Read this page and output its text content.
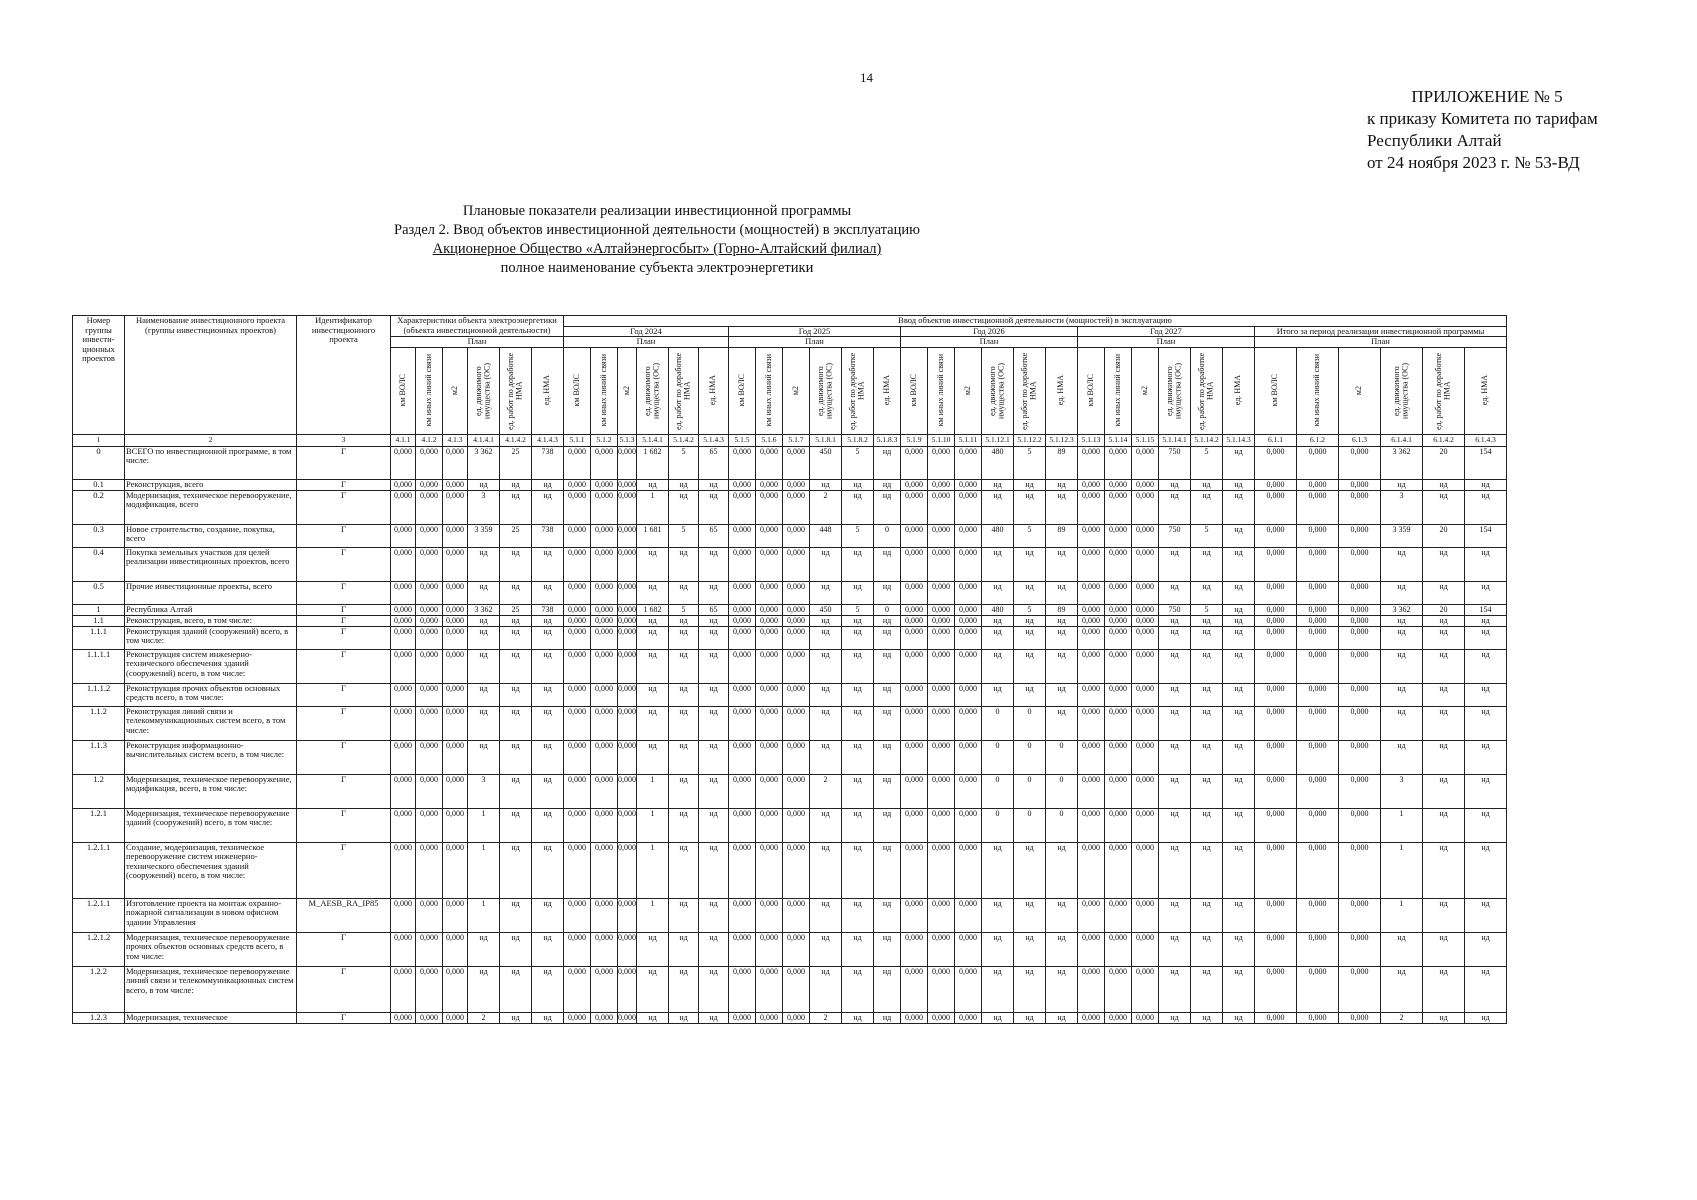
14
ПРИЛОЖЕНИЕ № 5
к приказу Комитета по тарифам
Республики Алтай
от 24 ноября 2023 г. № 53-ВД
Плановые показатели реализации инвестиционной программы
Раздел 2. Ввод объектов инвестиционной деятельности (мощностей) в эксплуатацию
Акционерное Общество «Алтайэнергосбыт» (Горно-Алтайский филиал)
полное наименование субъекта электроэнергетики
Номер группы инвести-ционных проектов	Наименование инвестиционного проекта (группы инвестиционных проектов)	Идентификатор инвестиционного проекта	Характеристики объекта электроэнергетики (объекта инвестиционной деятельности)						Ввод объектов инвестиционной деятельности (мощностей) в эксплуатацию																													
									Год 2024						Год 2025						Год 2026						Год 2027						Итого за период реализации инвестиционной программы					
			План						План						План						План						План						План					

			км ВОЛС	км иных линий связи	м2	ед. движимого имущества (ОС)	ед. работ по доработке НМА	ед. НМА	км ВОЛС	км иных линий связи	м2	ед. движимого имущества (ОС)	ед. работ по доработке НМА	ед. НМА	км ВОЛС	км иных линий связи	м2	ед. движимого имущества (ОС)	ед. работ по доработке НМА	ед. НМА	км ВОЛС	км иных линий связи	м2	ед. движимого имущества (ОС)	ед. работ по доработке НМА	ед. НМА	км ВОЛС	км иных линий связи	м2	ед. движимого имущества (ОС)	ед. работ по доработке НМА	ед. НМА	км ВОЛС	км иных линий связи	м2	ед. движимого имущества (ОС)	ед. работ по доработке НМА	ед. НМА

1	2	3	4.1.1	4.1.2	4.1.3	4.1.4.1	4.1.4.2	4.1.4.3	5.1.1	5.1.2	5.1.3	5.1.4.1	5.1.4.2	5.1.4.3	5.1.5	5.1.6	5.1.7	5.1.8.1	5.1.8.2	5.1.8.3	5.1.9	5.1.10	5.1.11	5.1.12.1	5.1.12.2	5.1.12.3	5.1.13	5.1.14	5.1.15	5.1.14.1	5.1.14.2	5.1.14.3	6.1.1	6.1.2	6.1.3	6.1.4.1	6.1.4.2	6.1.4.3
0	ВСЕГО по инвестиционной программе, в том числе:	Г	0,000	0,000	0,000	3 362	25	738	0,000	0,000	0,000	1 682	5	65	0,000	0,000	0,000	450	5	нд	0,000	0,000	0,000	480	5	89	0,000	0,000	0,000	750	5	нд	0,000	0,000	0,000	3 362	20	154
0.1	Реконструкция, всего	Г	0,000	0,000	0,000	нд	нд	нд	0,000	0,000	0,000	нд	нд	нд	0,000	0,000	0,000	нд	нд	нд	0,000	0,000	0,000	нд	нд	нд	0,000	0,000	0,000	нд	нд	нд	0,000	0,000	0,000	нд	нд	нд
0.2	Модернизация, техническое перевооружение, модификация, всего	Г	0,000	0,000	0,000	3	нд	нд	0,000	0,000	0,000	1	нд	нд	0,000	0,000	0,000	2	нд	нд	0,000	0,000	0,000	нд	нд	нд	0,000	0,000	0,000	нд	нд	нд	0,000	0,000	0,000	3	нд	нд
0.3	Новое строительство, создание, покупка, всего	Г	0,000	0,000	0,000	3 359	25	738	0,000	0,000	0,000	1 681	5	65	0,000	0,000	0,000	448	5	0	0,000	0,000	0,000	480	5	89	0,000	0,000	0,000	750	5	нд	0,000	0,000	0,000	3 359	20	154
0.4	Покупка земельных участков для целей реализации инвестиционных проектов, всего	Г	0,000	0,000	0,000	нд	нд	нд	0,000	0,000	0,000	нд	нд	нд	0,000	0,000	0,000	нд	нд	нд	0,000	0,000	0,000	нд	нд	нд	0,000	0,000	0,000	нд	нд	нд	0,000	0,000	0,000	нд	нд	нд
0.5	Прочие инвестиционные проекты, всего	Г	0,000	0,000	0,000	нд	нд	нд	0,000	0,000	0,000	нд	нд	нд	0,000	0,000	0,000	нд	нд	нд	0,000	0,000	0,000	нд	нд	нд	0,000	0,000	0,000	нд	нд	нд	0,000	0,000	0,000	нд	нд	нд
1	Республика Алтай	Г	0,000	0,000	0,000	3 362	25	738	0,000	0,000	0,000	1 682	5	65	0,000	0,000	0,000	450	5	0	0,000	0,000	0,000	480	5	89	0,000	0,000	0,000	750	5	нд	0,000	0,000	0,000	3 362	20	154
1.1	Реконструкция, всего, в том числе:	Г	0,000	0,000	0,000	нд	нд	нд	0,000	0,000	0,000	нд	нд	нд	0,000	0,000	0,000	нд	нд	нд	0,000	0,000	0,000	нд	нд	нд	0,000	0,000	0,000	нд	нд	нд	0,000	0,000	0,000	нд	нд	нд
1.1.1	Реконструкция зданий (сооружений) всего, в том числе:	Г	0,000	0,000	0,000	нд	нд	нд	0,000	0,000	0,000	нд	нд	нд	0,000	0,000	0,000	нд	нд	нд	0,000	0,000	0,000	нд	нд	нд	0,000	0,000	0,000	нд	нд	нд	0,000	0,000	0,000	нд	нд	нд
1.1.1.1	Реконструкция систем инженерно-технического обеспечения зданий (сооружений) всего, в том числе:	Г	0,000	0,000	0,000	нд	нд	нд	0,000	0,000	0,000	нд	нд	нд	0,000	0,000	0,000	нд	нд	нд	0,000	0,000	0,000	нд	нд	нд	0,000	0,000	0,000	нд	нд	нд	0,000	0,000	0,000	нд	нд	нд
1.1.1.2	Реконструкция прочих объектов основных средств всего, в том числе:	Г	0,000	0,000	0,000	нд	нд	нд	0,000	0,000	0,000	нд	нд	нд	0,000	0,000	0,000	нд	нд	нд	0,000	0,000	0,000	нд	нд	нд	0,000	0,000	0,000	нд	нд	нд	0,000	0,000	0,000	нд	нд	нд
1.1.2	Реконструкция линий связи и телекоммуникационных систем всего, в том числе:	Г	0,000	0,000	0,000	нд	нд	нд	0,000	0,000	0,000	нд	нд	нд	0,000	0,000	0,000	нд	нд	нд	0,000	0,000	0,000	0	0	нд	0,000	0,000	0,000	нд	нд	нд	0,000	0,000	0,000	нд	нд	нд
1.1.3	Реконструкция информационно-вычислительных систем всего, в том числе:	Г	0,000	0,000	0,000	нд	нд	нд	0,000	0,000	0,000	нд	нд	нд	0,000	0,000	0,000	нд	нд	нд	0,000	0,000	0,000	0	0	0	0,000	0,000	0,000	нд	нд	нд	0,000	0,000	0,000	нд	нд	нд
1.2	Модернизация, техническое перевооружение, модификация, всего, в том числе:	Г	0,000	0,000	0,000	3	нд	нд	0,000	0,000	0,000	1	нд	нд	0,000	0,000	0,000	2	нд	нд	0,000	0,000	0,000	0	0	0	0,000	0,000	0,000	нд	нд	нд	0,000	0,000	0,000	3	нд	нд
1.2.1	Модернизация, техническое перевооружение зданий (сооружений) всего, в том числе:	Г	0,000	0,000	0,000	1	нд	нд	0,000	0,000	0,000	1	нд	нд	0,000	0,000	0,000	нд	нд	нд	0,000	0,000	0,000	0	0	0	0,000	0,000	0,000	нд	нд	нд	0,000	0,000	0,000	1	нд	нд
1.2.1.1	Создание, модернизация, техническое перевооружение систем инженерно-технического обеспечения зданий (сооружений) всего, в том числе:	Г	0,000	0,000	0,000	1	нд	нд	0,000	0,000	0,000	1	нд	нд	0,000	0,000	0,000	нд	нд	нд	0,000	0,000	0,000	нд	нд	нд	0,000	0,000	0,000	нд	нд	нд	0,000	0,000	0,000	1	нд	нд
1.2.1.1	Изготовление проекта на монтаж охранно-пожарной сигнализации в новом офисном здании Управления	M_AESB_RA_IP85	0,000	0,000	0,000	1	нд	нд	0,000	0,000	0,000	1	нд	нд	0,000	0,000	0,000	нд	нд	нд	0,000	0,000	0,000	нд	нд	нд	0,000	0,000	0,000	нд	нд	нд	0,000	0,000	0,000	1	нд	нд
1.2.1.2	Модернизация, техническое перевооружение прочих объектов основных средств всего, в том числе:	Г	0,000	0,000	0,000	нд	нд	нд	0,000	0,000	0,000	нд	нд	нд	0,000	0,000	0,000	нд	нд	нд	0,000	0,000	0,000	нд	нд	нд	0,000	0,000	0,000	нд	нд	нд	0,000	0,000	0,000	нд	нд	нд
1.2.2	Модернизация, техническое перевооружение линий связи и телекоммуникационных систем всего, в том числе:	Г	0,000	0,000	0,000	нд	нд	нд	0,000	0,000	0,000	нд	нд	нд	0,000	0,000	0,000	нд	нд	нд	0,000	0,000	0,000	нд	нд	нд	0,000	0,000	0,000	нд	нд	нд	0,000	0,000	0,000	нд	нд	нд
1.2.3	Модернизация, техническое	Г	0,000	0,000	0,000	2	нд	нд	0,000	0,000	0,000	нд	нд	нд	0,000	0,000	0,000	2	нд	нд	0,000	0,000	0,000	нд	нд	нд	0,000	0,000	0,000	нд	нд	нд	0,000	0,000	0,000	2	нд	нд
